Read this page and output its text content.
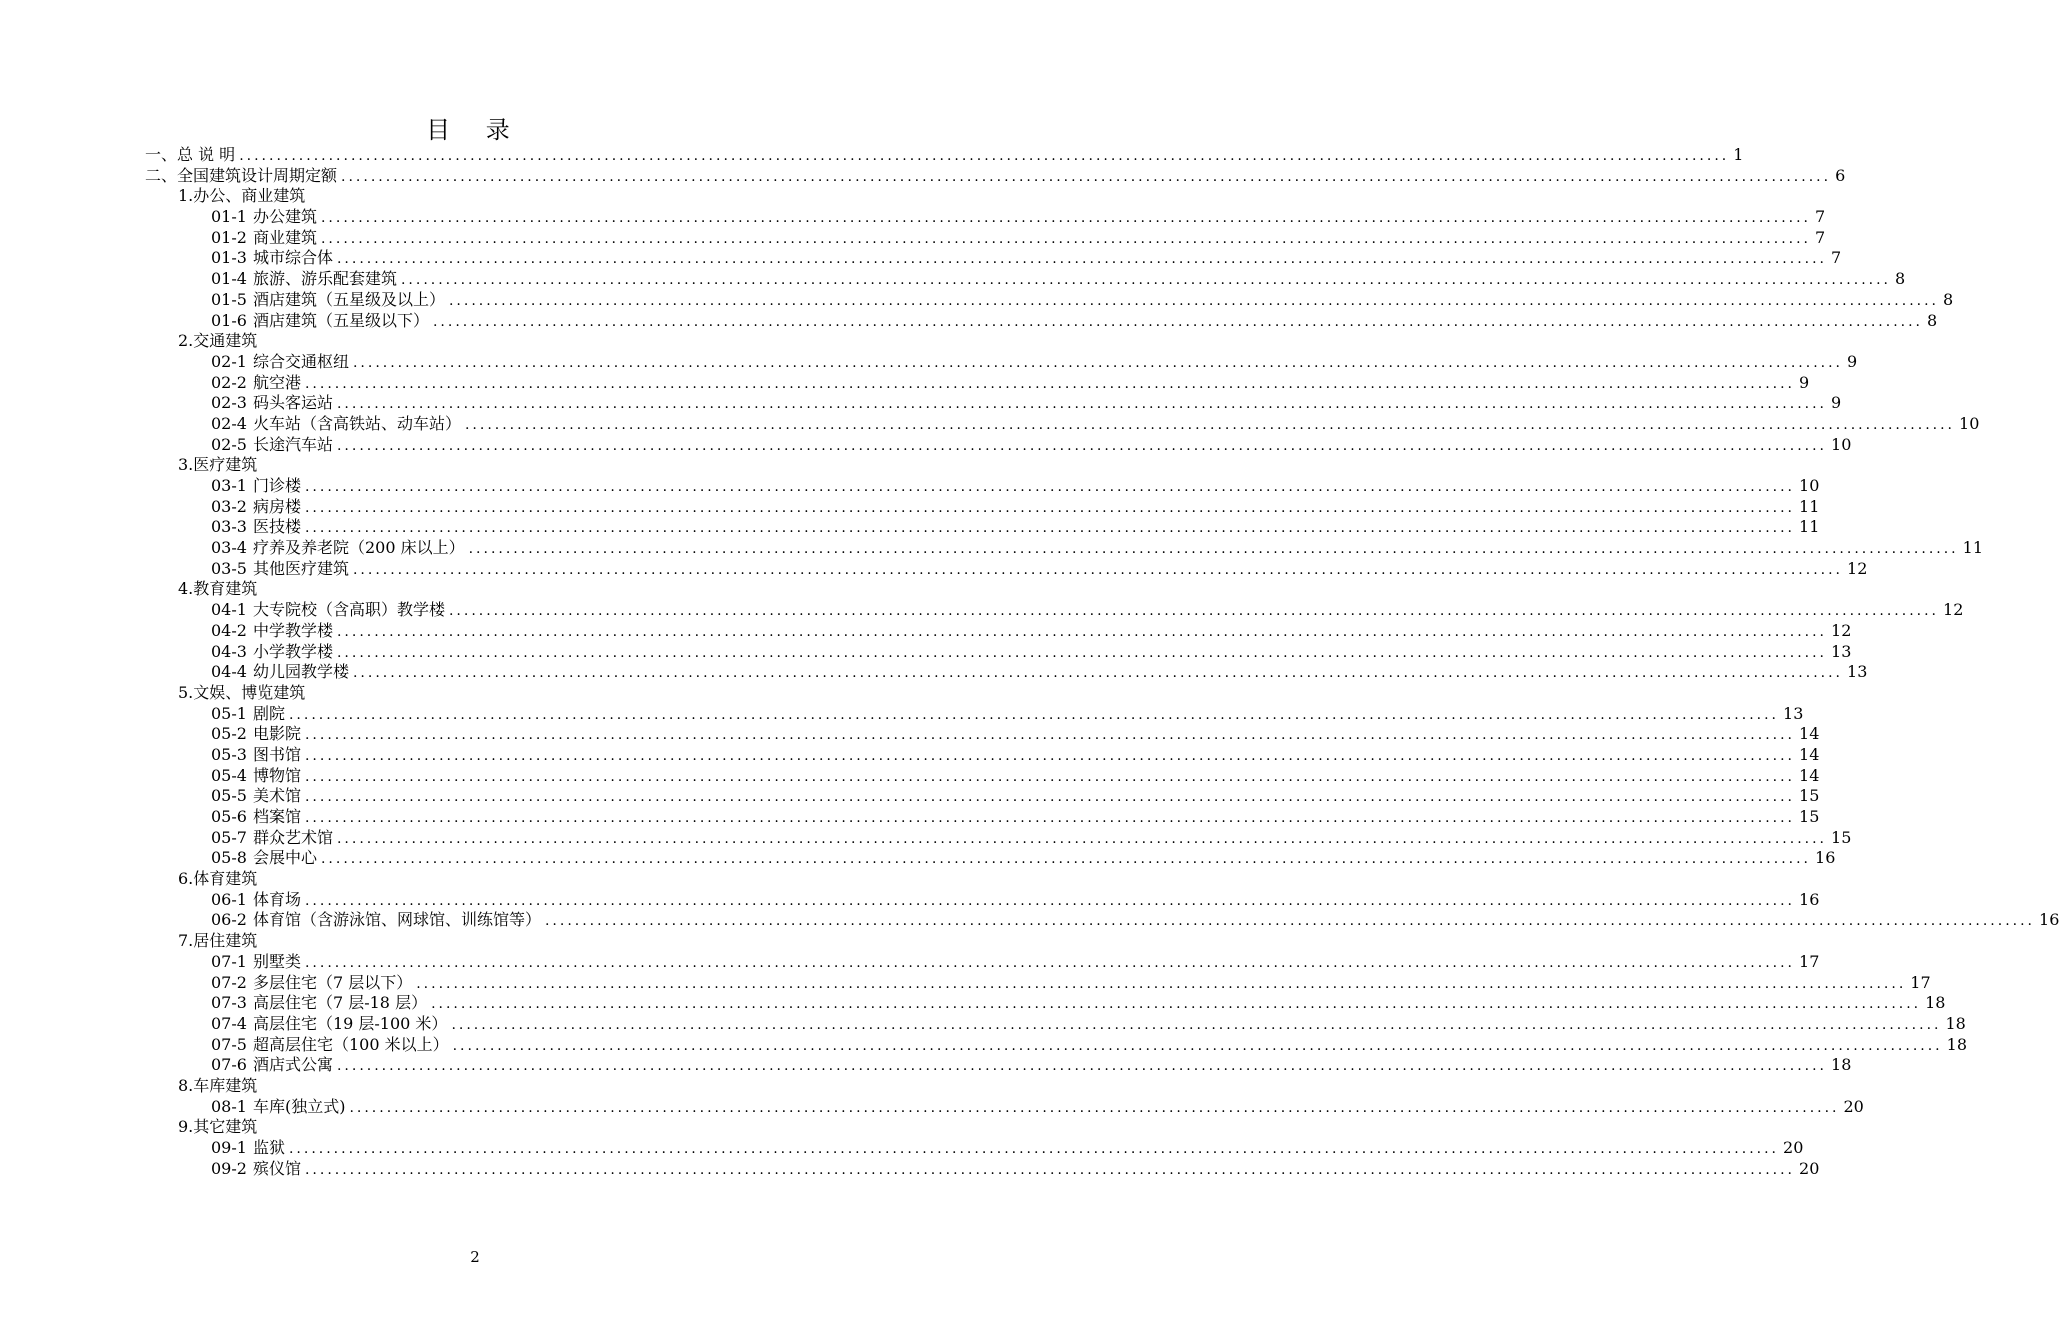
目 录
一、总 说 明 ........................................................................................................................................................................................................ 1
二、全国建筑设计周期定额 ........................................................................................................................................................................................................ 6
1.办公、商业建筑
01-1 办公建筑 ........................................................................................................................................................................................................ 7
01-2 商业建筑 ........................................................................................................................................................................................................ 7
01-3 城市综合体 ........................................................................................................................................................................................................ 7
01-4 旅游、游乐配套建筑 ........................................................................................................................................................................................................ 8
01-5 酒店建筑（五星级及以上） ........................................................................................................................................................................................................ 8
01-6 酒店建筑（五星级以下） ........................................................................................................................................................................................................ 8
2.交通建筑
02-1 综合交通枢纽 ........................................................................................................................................................................................................ 9
02-2 航空港 ........................................................................................................................................................................................................ 9
02-3 码头客运站 ........................................................................................................................................................................................................ 9
02-4 火车站（含高铁站、动车站） ........................................................................................................................................................................................................ 10
02-5 长途汽车站 ........................................................................................................................................................................................................ 10
3.医疗建筑
03-1 门诊楼 ........................................................................................................................................................................................................ 10
03-2 病房楼 ........................................................................................................................................................................................................ 11
03-3 医技楼 ........................................................................................................................................................................................................ 11
03-4 疗养及养老院（200 床以上） ........................................................................................................................................................................................................ 11
03-5 其他医疗建筑 ........................................................................................................................................................................................................ 12
4.教育建筑
04-1 大专院校（含高职）教学楼 ........................................................................................................................................................................................................ 12
04-2 中学教学楼 ........................................................................................................................................................................................................ 12
04-3 小学教学楼 ........................................................................................................................................................................................................ 13
04-4 幼儿园教学楼 ........................................................................................................................................................................................................ 13
5.文娱、博览建筑
05-1 剧院 ........................................................................................................................................................................................................ 13
05-2 电影院 ........................................................................................................................................................................................................ 14
05-3 图书馆 ........................................................................................................................................................................................................ 14
05-4 博物馆 ........................................................................................................................................................................................................ 14
05-5 美术馆 ........................................................................................................................................................................................................ 15
05-6 档案馆 ........................................................................................................................................................................................................ 15
05-7 群众艺术馆 ........................................................................................................................................................................................................ 15
05-8 会展中心 ........................................................................................................................................................................................................ 16
6.体育建筑
06-1 体育场 ........................................................................................................................................................................................................ 16
06-2 体育馆（含游泳馆、网球馆、训练馆等） ........................................................................................................................................................................................................ 16
7.居住建筑
07-1 别墅类 ........................................................................................................................................................................................................ 17
07-2 多层住宅（7 层以下） ........................................................................................................................................................................................................ 17
07-3 高层住宅（7 层-18 层） ........................................................................................................................................................................................................ 18
07-4 高层住宅（19 层-100 米） ........................................................................................................................................................................................................ 18
07-5 超高层住宅（100 米以上） ........................................................................................................................................................................................................ 18
07-6 酒店式公寓 ........................................................................................................................................................................................................ 18
8.车库建筑
08-1 车库(独立式) ........................................................................................................................................................................................................ 20
9.其它建筑
09-1 监狱 ........................................................................................................................................................................................................ 20
09-2 殡仪馆 ........................................................................................................................................................................................................ 20
2
